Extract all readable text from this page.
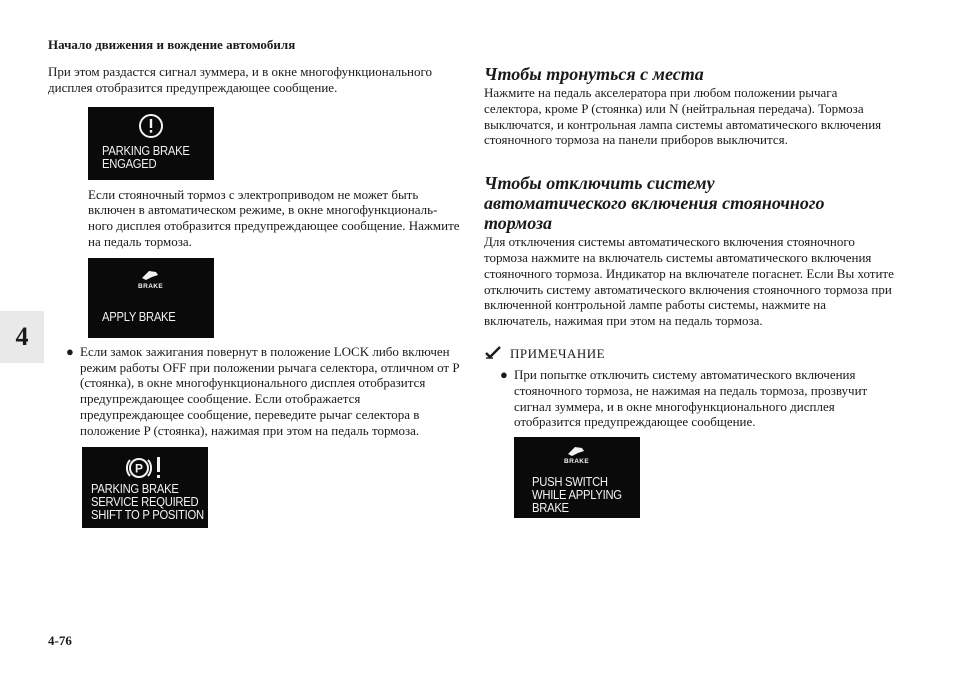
Начало движения и вождение автомобиля
4
4-76

При этом раздастся сигнал зуммера, и в окне многофункционального дисплея отобразится предупреждающее сообщение.

PARKING BRAKE
ENGAGED

Если стояночный тормоз с электроприводом не может быть включен в автоматическом режиме, в окне многофункциональ-ного дисплея отобразится предупреждающее сообщение. Нажмите на педаль тормоза.

BRAKE
APPLY BRAKE
● Если замок зажигания повернут в положение LOCK либо включен режим работы OFF при положении рычага селектора, отличном от P (стоянка), в окне многофункционального дисплея отобразится предупреждающее сообщение. Если отображается предупреждающее сообщение, переведите рычаг селектора в положение P (стоянка), нажимая при этом на педаль тормоза.

P
PARKING BRAKE
SERVICE REQUIRED
SHIFT TO P POSITION
Чтобы тронуться с места

Нажмите на педаль акселератора при любом положении рычага селектора, кроме P (стоянка) или N (нейтральная передача). Тормоза выключатся, и контрольная лампа системы автоматического включения стояночного тормоза на панели приборов выключится.

Чтобы отключить систему автоматического включения стояночного тормоза

Для отключения системы автоматического включения стояночного тормоза нажмите на включатель системы автоматического включения стояночного тормоза. Индикатор на включателе погаснет. Если Вы хотите отключить систему автоматического включения стояночного тормоза при включенной контрольной лампе работы системы, нажмите на включатель, нажимая при этом на педаль тормоза.

ПРИМЕЧАНИЕ
● При попытке отключить систему автоматического включения стояночного тормоза, не нажимая на педаль тормоза, прозвучит сигнал зуммера, и в окне многофункционального дисплея отобразится предупреждающее сообщение.

BRAKE
PUSH SWITCH
WHILE APPLYING
BRAKE
